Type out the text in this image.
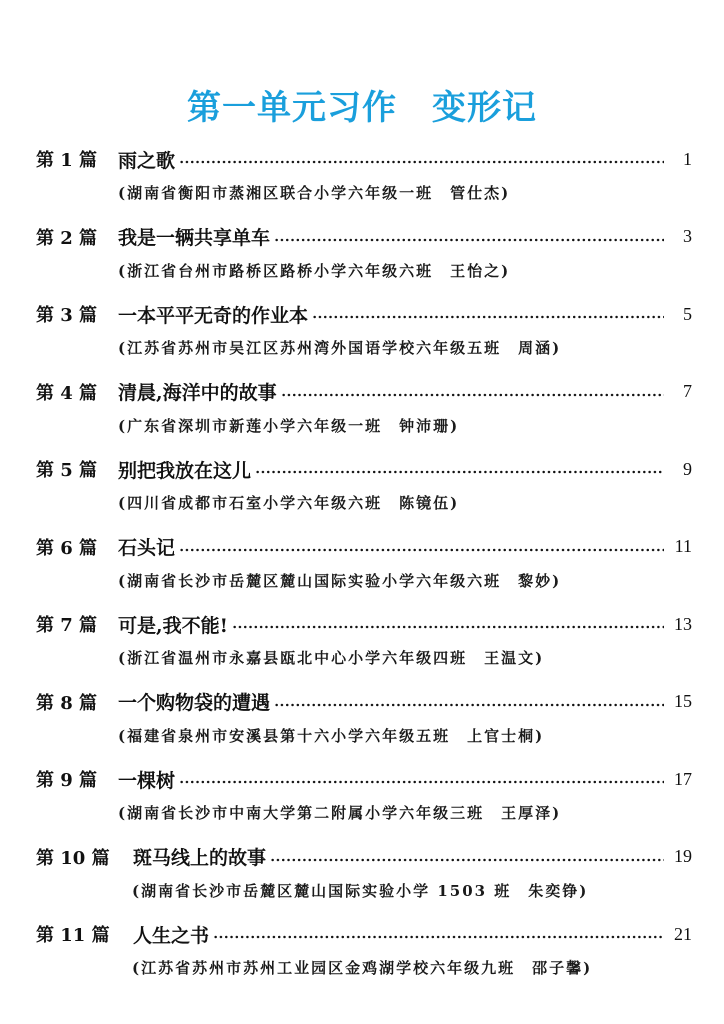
第一单元习作　变形记
第 1 篇	雨之歌	1
(湖南省衡阳市蒸湘区联合小学六年级一班　管仕杰)
第 2 篇	我是一辆共享单车	3
(浙江省台州市路桥区路桥小学六年级六班　王怡之)
第 3 篇	一本平平无奇的作业本	5
(江苏省苏州市吴江区苏州湾外国语学校六年级五班　周涵)
第 4 篇	清晨,海洋中的故事	7
(广东省深圳市新莲小学六年级一班　钟沛珊)
第 5 篇	别把我放在这儿	9
(四川省成都市石室小学六年级六班　陈镜伍)
第 6 篇	石头记	11
(湖南省长沙市岳麓区麓山国际实验小学六年级六班　黎妙)
第 7 篇	可是,我不能!	13
(浙江省温州市永嘉县瓯北中心小学六年级四班　王温文)
第 8 篇	一个购物袋的遭遇	15
(福建省泉州市安溪县第十六小学六年级五班　上官士桐)
第 9 篇	一棵树	17
(湖南省长沙市中南大学第二附属小学六年级三班　王厚泽)
第 10 篇	斑马线上的故事	19
(湖南省长沙市岳麓区麓山国际实验小学 1503 班　朱奕铮)
第 11 篇	人生之书	21
(江苏省苏州市苏州工业园区金鸡湖学校六年级九班　邵子馨)
